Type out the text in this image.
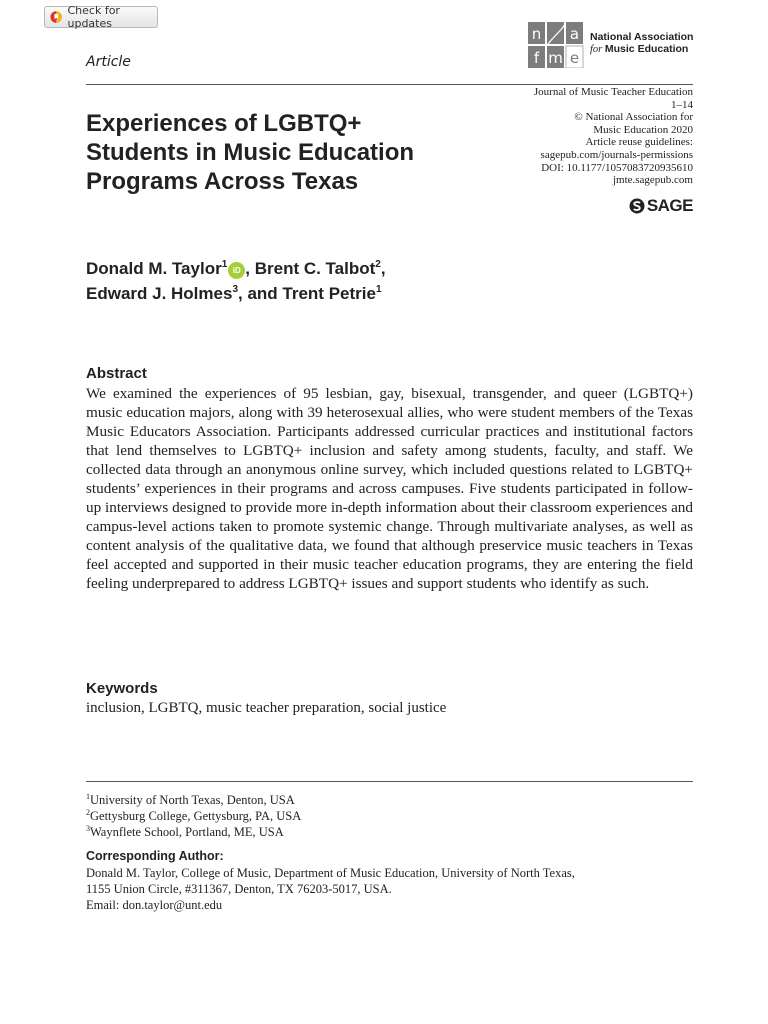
Check for updates
Article
n a
f m e
National Association
for Music Education
Journal of Music Teacher Education
1–14
© National Association for
Music Education 2020
Article reuse guidelines:
sagepub.com/journals-permissions
DOI: 10.1177/1057083720935610
jmte.sagepub.com
SAGE
Experiences of LGBTQ+
Students in Music Education
Programs Across Texas
Donald M. Taylor$^1$iD , Brent C. Talbot$^2$,
Edward J. Holmes$^3$, and Trent Petrie$^1$
Abstract
We examined the experiences of 95 lesbian, gay, bisexual, transgender, and queer (LGBTQ+) music education majors, along with 39 heterosexual allies, who were student members of the Texas Music Educators Association. Participants addressed curricular practices and institutional factors that lend themselves to LGBTQ+ inclusion and safety among students, faculty, and staff. We collected data through an anonymous online survey, which included questions related to LGBTQ+ students’ experiences in their programs and across campuses. Five students participated in follow-up interviews designed to provide more in-depth information about their classroom experiences and campus-level actions taken to promote systemic change. Through multivariate analyses, as well as content analysis of the qualitative data, we found that although preservice music teachers in Texas feel accepted and supported in their music teacher education programs, they are entering the field feeling underprepared to address LGBTQ+ issues and support students who identify as such.
Keywords
inclusion, LGBTQ, music teacher preparation, social justice
$^1$University of North Texas, Denton, USA
$^2$Gettysburg College, Gettysburg, PA, USA
$^3$Waynflete School, Portland, ME, USA
Corresponding Author:
Donald M. Taylor, College of Music, Department of Music Education, University of North Texas,
1155 Union Circle, #311367, Denton, TX 76203-5017, USA.
Email: don.taylor@unt.edu
